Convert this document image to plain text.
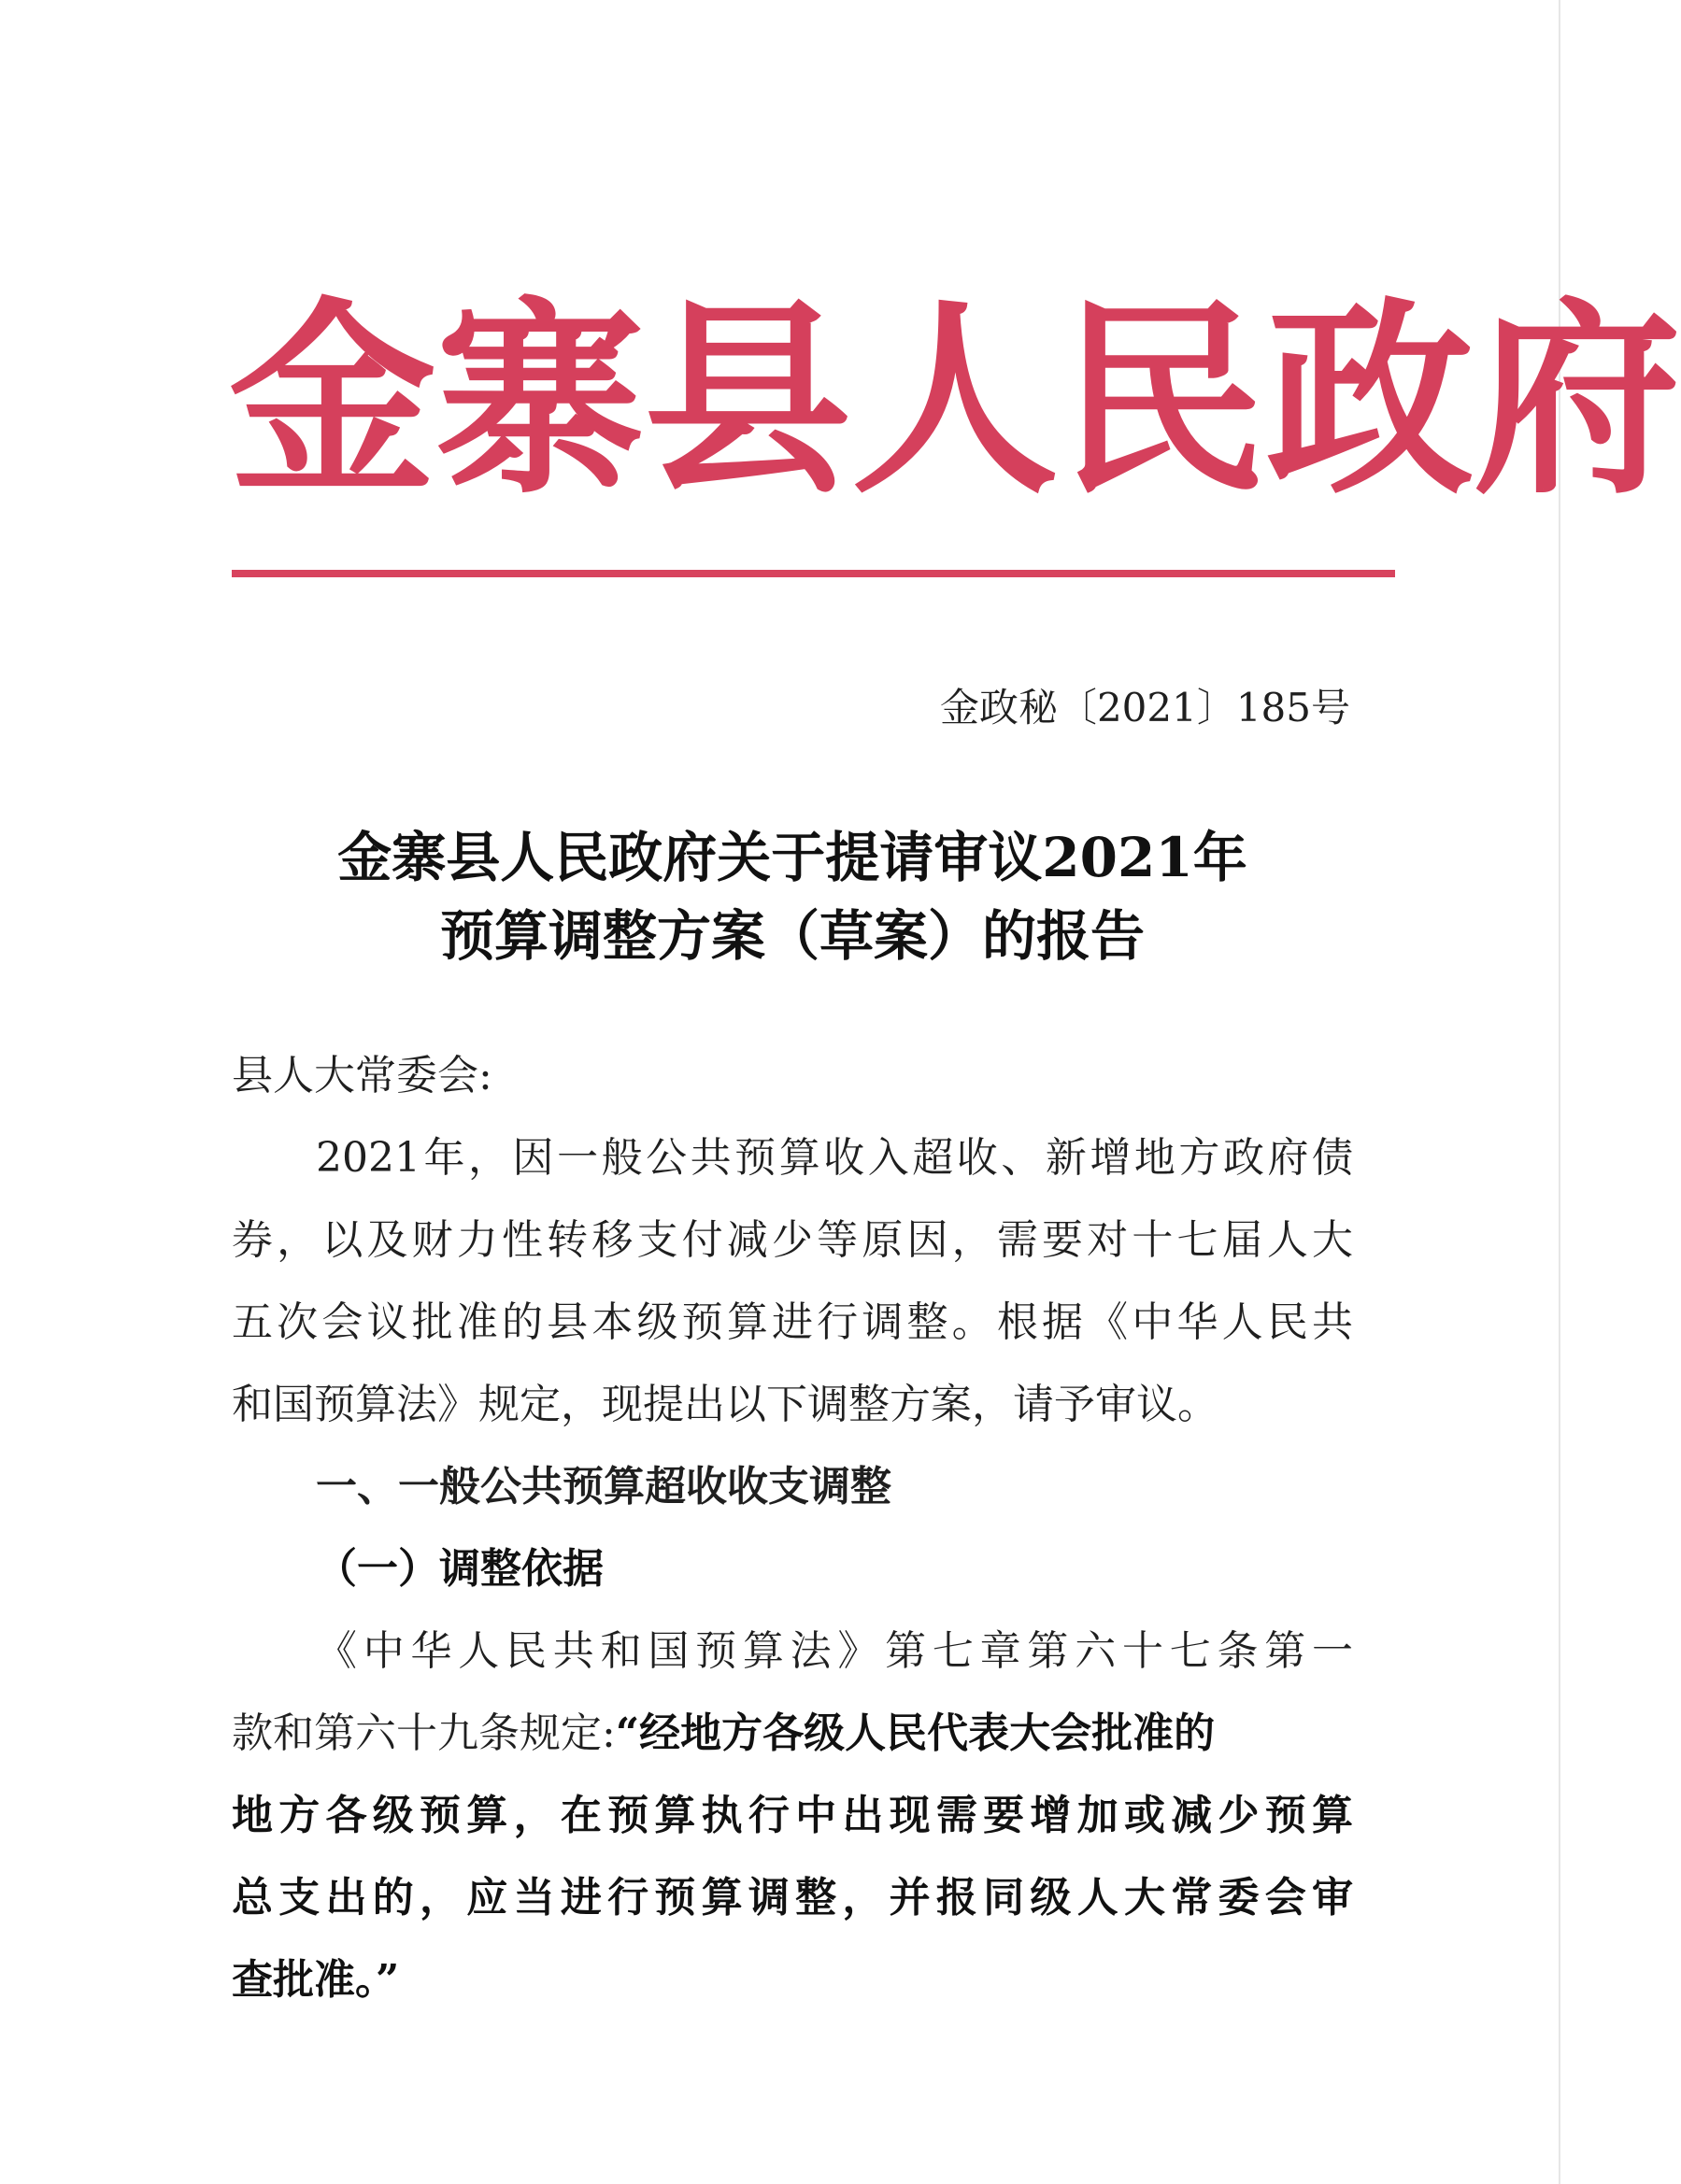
金 寨 县 人 民 政 府
金政秘〔2021〕185号
金寨县人民政府关于提请审议2021年
预算调整方案（草案）的报告
县人大常委会:
2021年，因一般公共预算收入超收、新增地方政府债
券，以及财力性转移支付减少等原因，需要对十七届人大
五次会议批准的县本级预算进行调整。根据《中华人民共
和国预算法》规定，现提出以下调整方案，请予审议。
一、一般公共预算超收收支调整
（一）调整依据
《中华人民共和国预算法》第七章第六十七条第一
款和第六十九条规定:“经地方各级人民代表大会批准的
地方各级预算，在预算执行中出现需要增加或减少预算
总支出的，应当进行预算调整，并报同级人大常委会审
查批准。”
